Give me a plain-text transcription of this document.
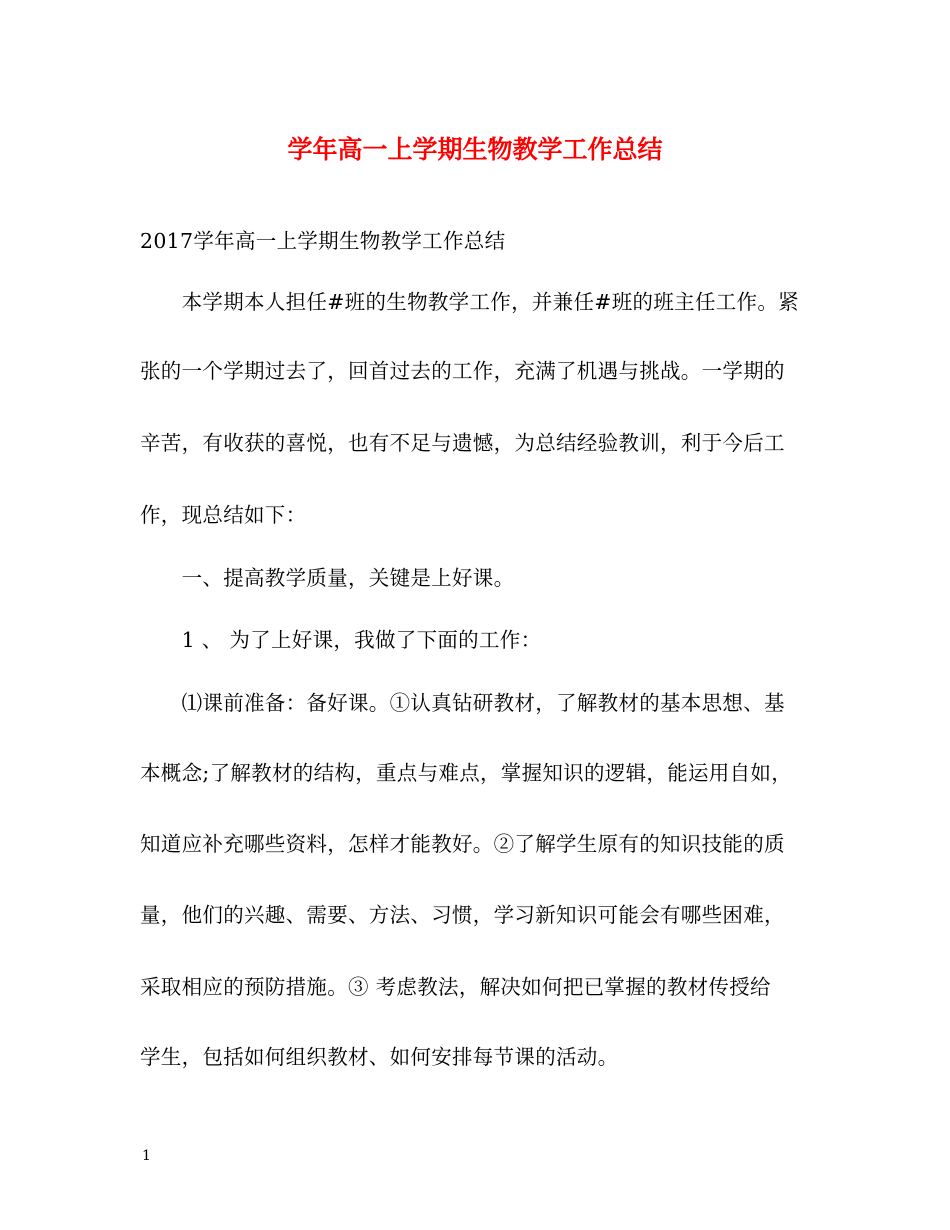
学年高一上学期生物教学工作总结
2017学年高一上学期生物教学工作总结
　　本学期本人担任#班的生物教学工作，并兼任#班的班主任工作。紧
张的一个学期过去了，回首过去的工作，充满了机遇与挑战。一学期的
辛苦，有收获的喜悦，也有不足与遗憾，为总结经验教训，利于今后工
作，现总结如下：
　　一、提高教学质量，关键是上好课。
　　1 、 为了上好课，我做了下面的工作：
　　⑴课前准备：备好课。①认真钻研教材，了解教材的基本思想、基
本概念;了解教材的结构，重点与难点，掌握知识的逻辑，能运用自如，
知道应补充哪些资料，怎样才能教好。②了解学生原有的知识技能的质
量，他们的兴趣、需要、方法、习惯，学习新知识可能会有哪些困难，
采取相应的预防措施。③ 考虑教法，解决如何把已掌握的教材传授给
学生，包括如何组织教材、如何安排每节课的活动。
1
